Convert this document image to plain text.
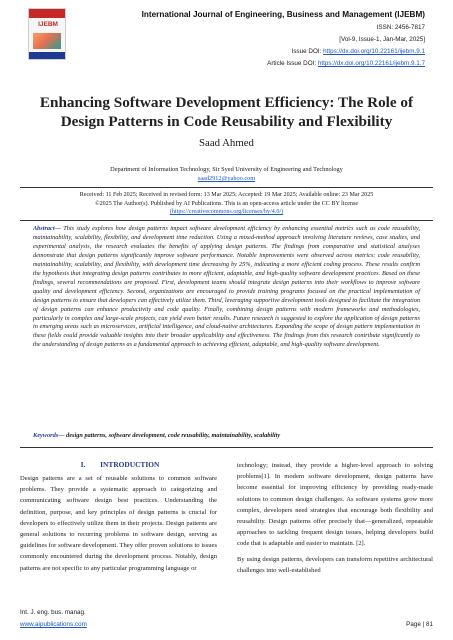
IJEBM
International Journal of Engineering, Business and Management (IJEBM)
ISSN: 2456-7817
[Vol-9, Issue-1, Jan-Mar, 2025]
Issue DOI: https://dx.doi.org/10.22161/ijebm.9.1
Article Issue DOI: https://dx.doi.org/10.22161/ijebm.9.1.7
Enhancing Software Development Efficiency: The Role of Design Patterns in Code Reusability and Flexibility
Saad Ahmed
Department of Information Technology, Sir Syed University of Engineering and Technology
saad2912@yahoo.com
Received: 11 Feb 2025; Received in revised form: 13 Mar 2025; Accepted: 19 Mar 2025; Available online: 23 Mar 2025
©2025 The Author(s). Published by AI Publications. This is an open-access article under the CC BY license
(https://creativecommons.org/licenses/by/4.0/)
Abstract— This study explores how design patterns impact software development efficiency by enhancing essential metrics such as code reusability, maintainability, scalability, flexibility, and development time reduction. Using a mixed-method approach involving literature reviews, case studies, and experimental analysis, the research evaluates the benefits of applying design patterns. The findings from comparative and statistical analyses demonstrate that design patterns significantly improve software performance. Notable improvements were observed across metrics: code reusability, maintainability, scalability, and flexibility, with development time decreasing by 25%, indicating a more efficient coding process. These results confirm the hypothesis that integrating design patterns contributes to more efficient, adaptable, and high-quality software development practices. Based on these findings, several recommendations are proposed. First, development teams should integrate design patterns into their workflows to improve software quality and development efficiency. Second, organizations are encouraged to provide training programs focused on the practical implementation of design patterns to ensure that developers can effectively utilize them. Third, leveraging supportive development tools designed to facilitate the integration of design patterns can enhance productivity and code quality. Finally, combining design patterns with modern frameworks and methodologies, particularly in complex and large-scale projects, can yield even better results. Future research is suggested to explore the application of design patterns in emerging areas such as microservices, artificial intelligence, and cloud-native architectures. Expanding the scope of design pattern implementation in these fields could provide valuable insights into their broader applicability and effectiveness. The findings from this research contribute significantly to the understanding of design patterns as a fundamental approach to achieving efficient, adaptable, and high-quality software development.
Keywords— design patterns, software development, code reusability, maintainability, scalability
I.        INTRODUCTION

Design patterns are a set of reusable solutions to common software problems. They provide a systematic approach to categorizing and communicating software design best practices. Understanding the definition, purpose, and key principles of design patterns is crucial for developers to effectively utilize them in their projects. Design patterns are general solutions to recurring problems in software design, serving as guidelines for software development. They offer proven solutions to issues commonly encountered during the development process. Notably, design patterns are not specific to any particular programming language or

technology; instead, they provide a higher-level approach to solving problems[1]. In modern software development, design patterns have become essential for improving efficiency by providing ready-made solutions to common design challenges. As software systems grow more complex, developers need strategies that encourage both flexibility and reusability. Design patterns offer precisely that—generalized, repeatable approaches to tackling frequent design issues, helping developers build code that is adaptable and easier to maintain. [2].

By using design patterns, developers can transform repetitive architectural challenges into well-established

Int. J. eng. bus. manag.
www.aipublications.com	Page | 81
